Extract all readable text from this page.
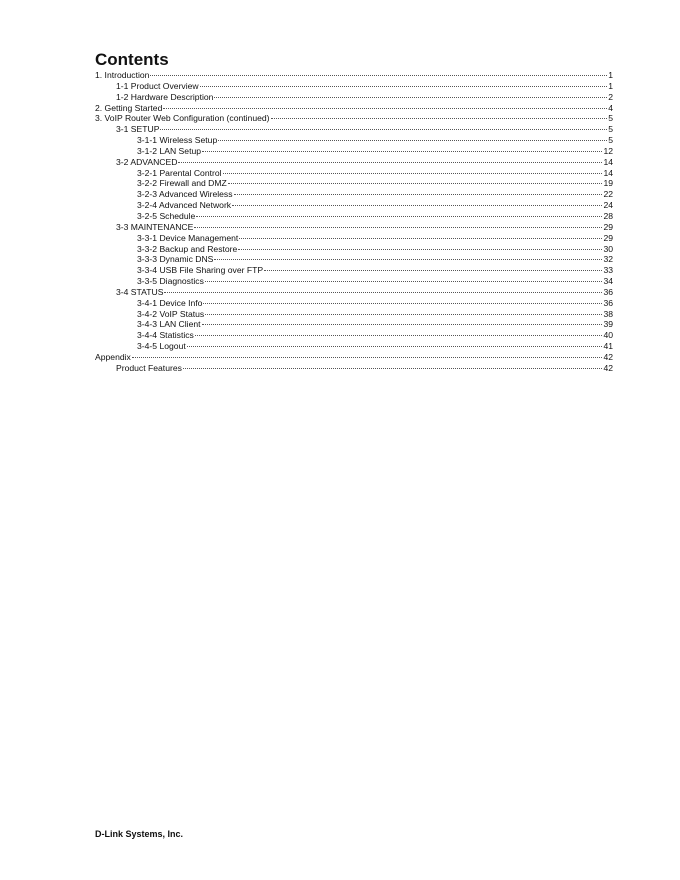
Contents
1. Introduction	1
1-1 Product Overview	1
1-2 Hardware Description	2
2. Getting Started	4
3. VoIP Router Web Configuration (continued)	5
3-1 SETUP	5
3-1-1 Wireless Setup	5
3-1-2 LAN Setup	12
3-2 ADVANCED	14
3-2-1 Parental Control	14
3-2-2 Firewall and DMZ	19
3-2-3 Advanced Wireless	22
3-2-4 Advanced Network	24
3-2-5 Schedule	28
3-3 MAINTENANCE	29
3-3-1 Device Management	29
3-3-2 Backup and Restore	30
3-3-3 Dynamic DNS	32
3-3-4 USB File Sharing over FTP	33
3-3-5 Diagnostics	34
3-4 STATUS	36
3-4-1 Device Info	36
3-4-2 VoIP Status	38
3-4-3 LAN Client	39
3-4-4 Statistics	40
3-4-5 Logout	41
Appendix	42
Product Features	42
D-Link Systems, Inc.
